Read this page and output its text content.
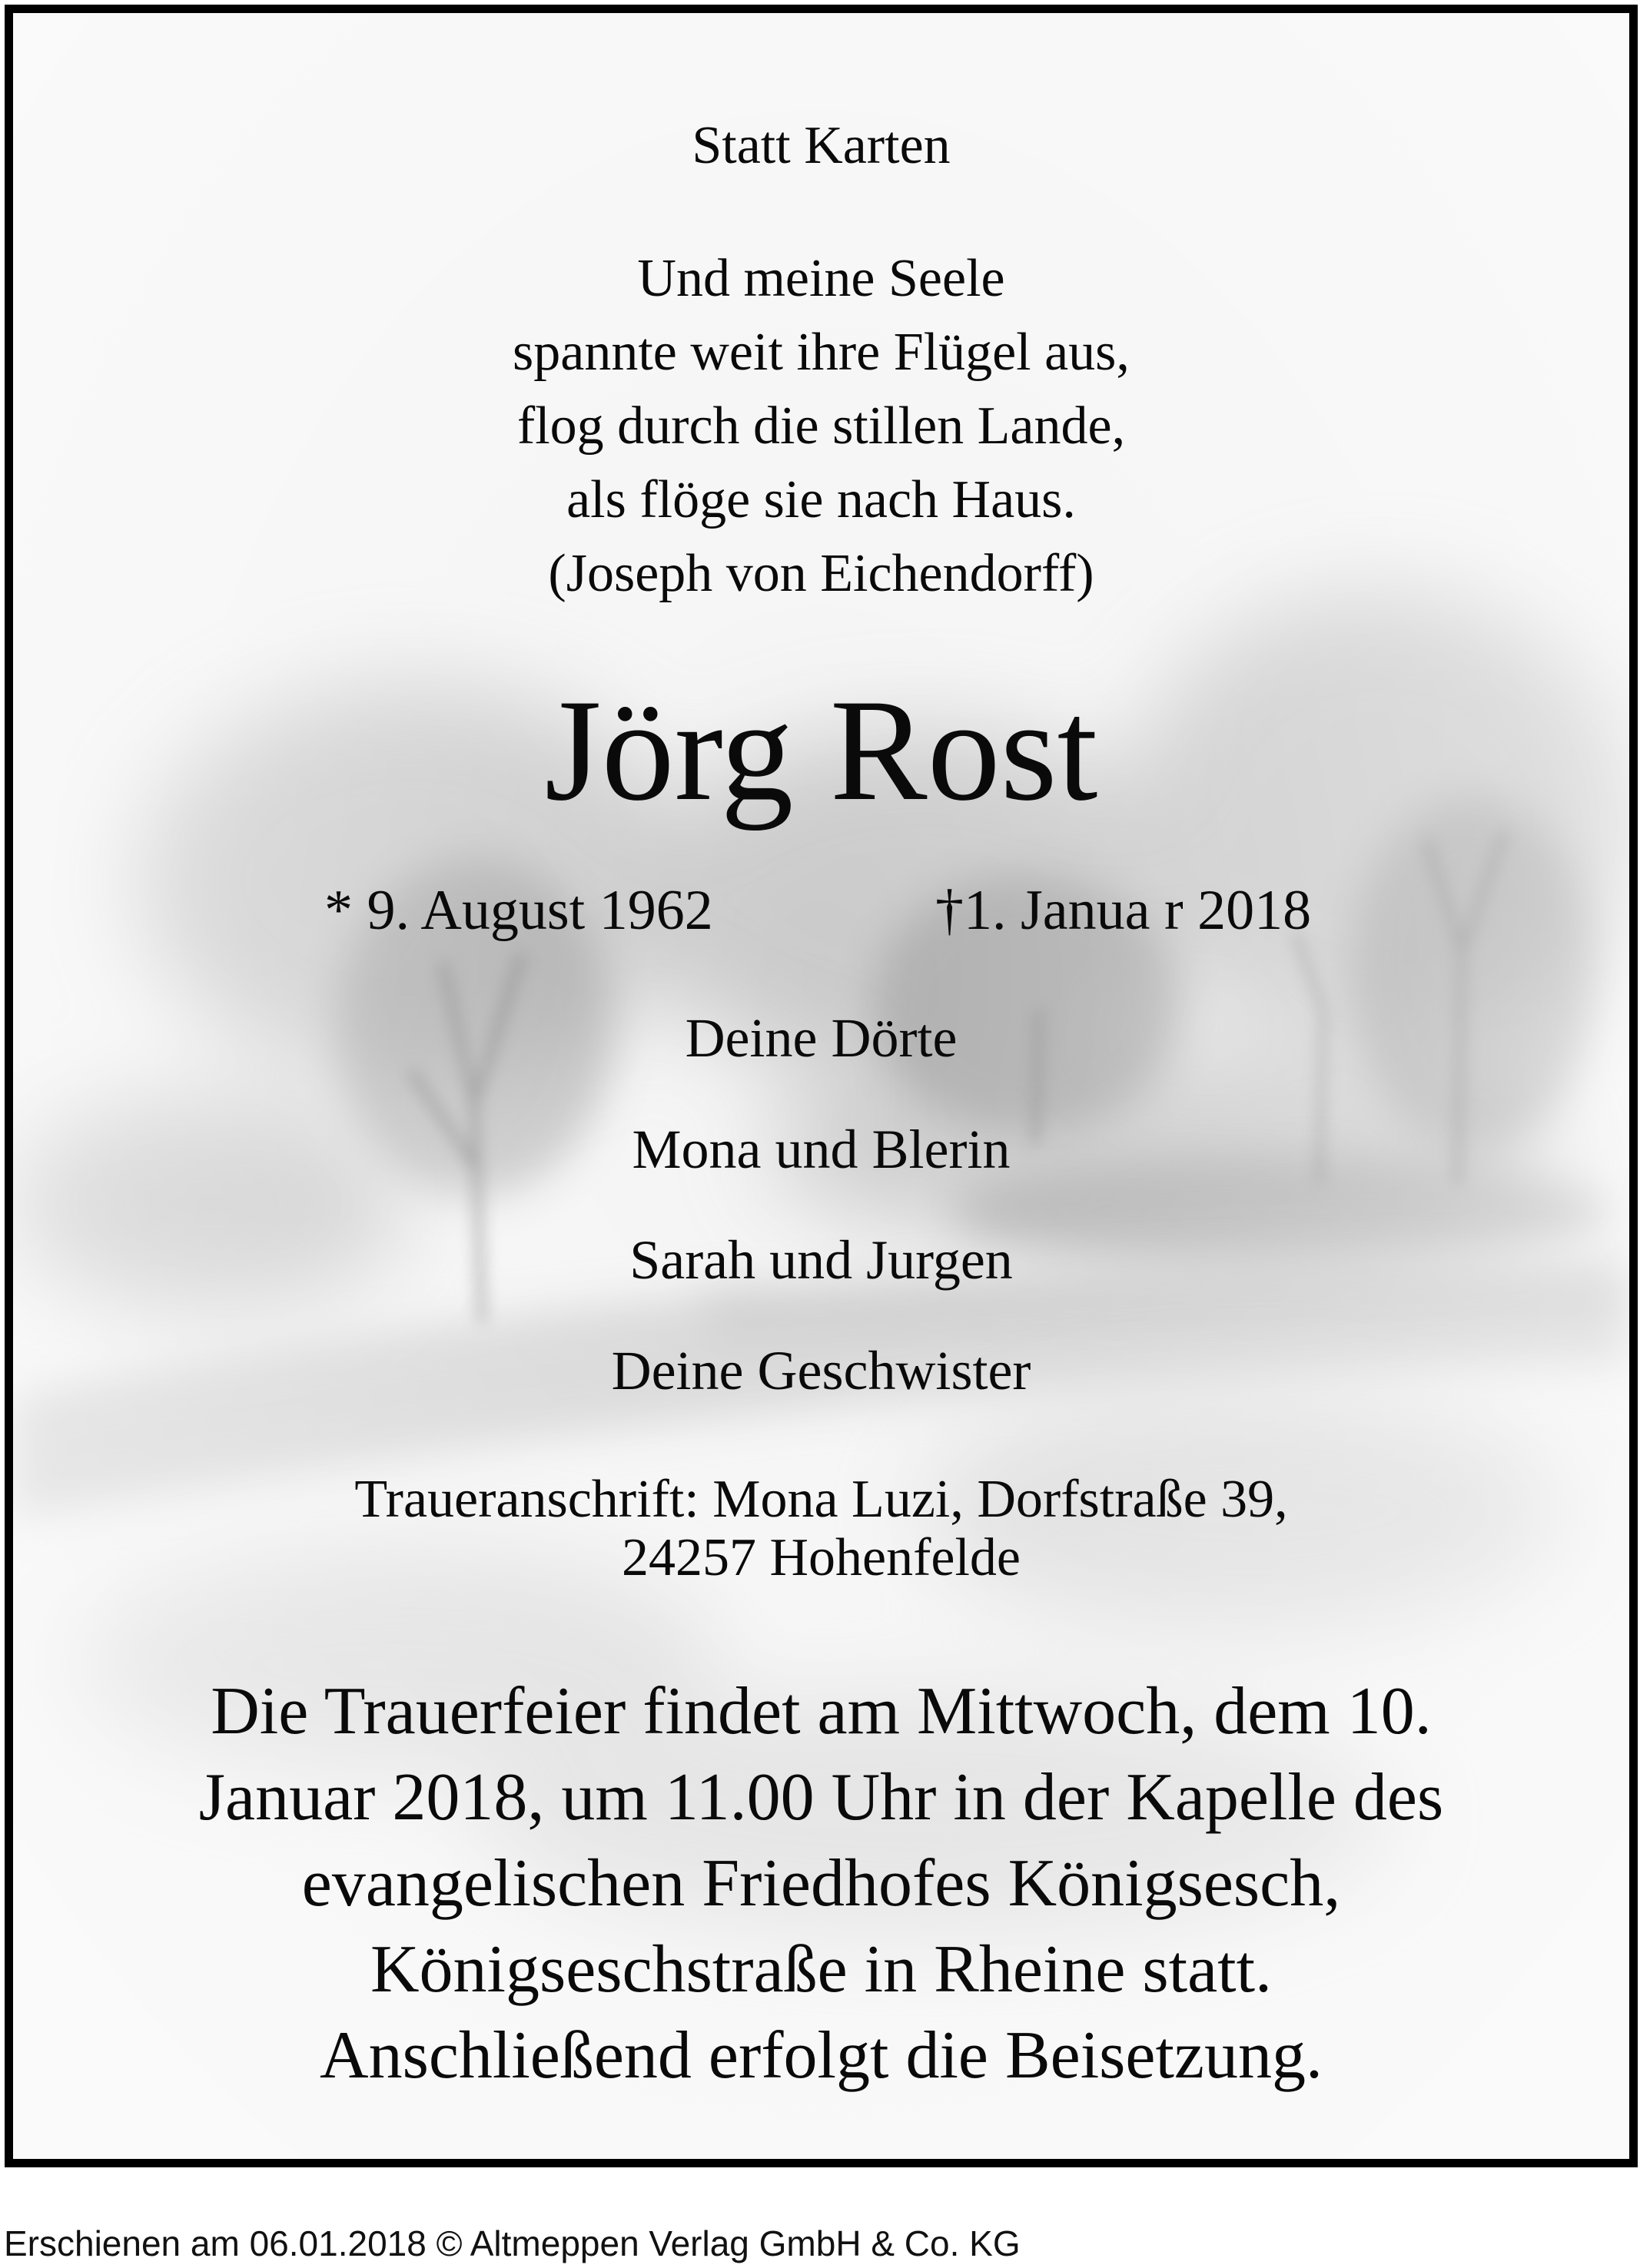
Statt Karten
Und meine Seele
spannte weit ihre Flügel aus,
flog durch die stillen Lande,
als flöge sie nach Haus.
(Joseph von Eichendorff)
Jörg Rost
* 9. August 1962	†1. Janua r 2018
Deine Dörte
Mona und Blerin
Sarah und Jurgen
Deine Geschwister
Traueranschrift: Mona Luzi, Dorfstraße 39,
24257 Hohenfelde
Die Trauerfeier findet am Mittwoch, dem 10.
Januar 2018, um 11.00 Uhr in der Kapelle des
evangelischen Friedhofes Königsesch,
Königseschstraße in Rheine statt.
Anschließend erfolgt die Beisetzung.
Erschienen am 06.01.2018 © Altmeppen Verlag GmbH & Co. KG
